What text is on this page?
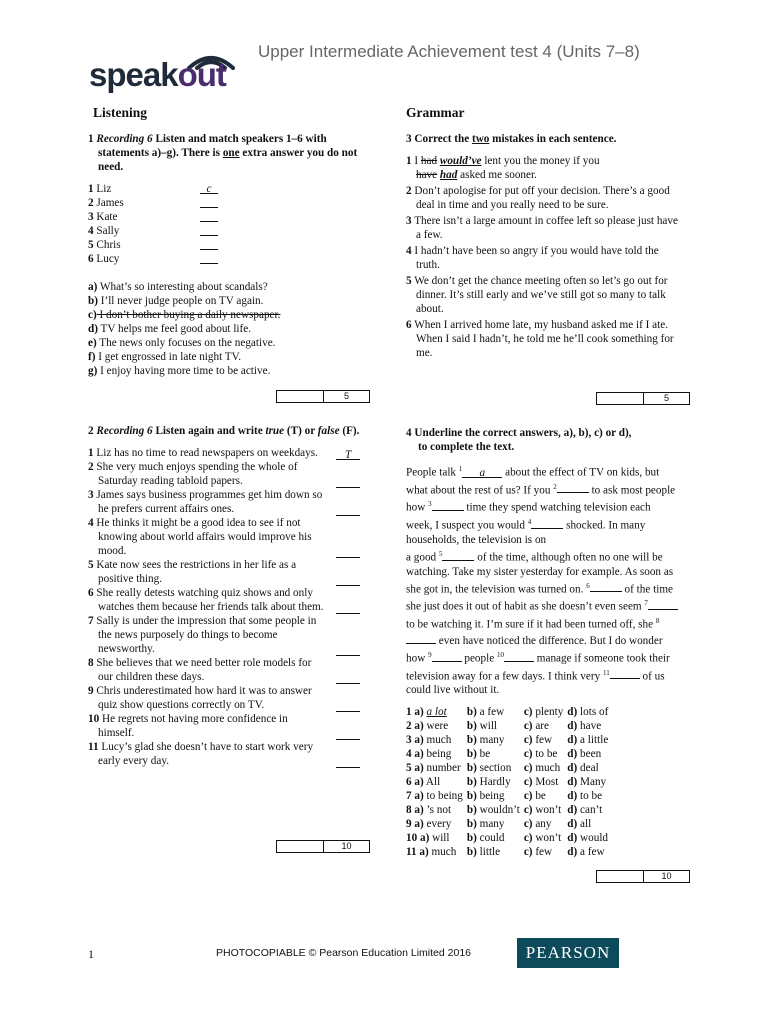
speakout
Upper Intermediate Achievement test 4 (Units 7–8)
Listening
1 Recording 6 Listen and match speakers 1–6 with statements a)–g). There is one extra answer you do not need.
1 Liz	c
2 James
3 Kate
4 Sally
5 Chris
6 Lucy
a) What’s so interesting about scandals?
b) I’ll never judge people on TV again.
c) I don’t bother buying a daily newspaper.
d) TV helps me feel good about life.
e) The news only focuses on the negative.
f) I get engrossed in late night TV.
g) I enjoy having more time to be active.
5
2 Recording 6 Listen again and write true (T) or false (F).
1 Liz has no time to read newspapers on weekdays.	T
2 She very much enjoys spending the whole of Saturday reading tabloid papers.
3 James says business programmes get him down so he prefers current affairs ones.
4 He thinks it might be a good idea to see if not knowing about world affairs would improve his mood.
5 Kate now sees the restrictions in her life as a positive thing.
6 She really detests watching quiz shows and only watches them because her friends talk about them.
7 Sally is under the impression that some people in the news purposely do things to become newsworthy.
8 She believes that we need better role models for our children these days.
9 Chris underestimated how hard it was to answer quiz show questions correctly on TV.
10 He regrets not having more confidence in himself.
11 Lucy’s glad she doesn’t have to start work very early every day.
10
Grammar
3 Correct the two mistakes in each sentence.
1 I had would’ve lent you the money if you
have had asked me sooner.
2 Don’t apologise for put off your decision. There’s a good deal in time and you really need to be sure.
3 There isn’t a large amount in coffee left so please just have a few.
4 I hadn’t have been so angry if you would have told the truth.
5 We don’t get the chance meeting often so let’s go out for dinner. It’s still early and we’ve still got so many to talk about.
6 When I arrived home late, my husband asked me if I ate. When I said I hadn’t, he told me he’ll cook something for me.
5
4 Underline the correct answers, a), b), c) or d),
to complete the text.
People talk $^1$ a about the effect of TV on kids, but what about the rest of us? If you $^2$	to ask most people how $^3$	time they spend watching television each week, I suspect you would $^4$	shocked. In many households, the television is on
a good $^5$	of the time, although often no one will be watching. Take my sister yesterday for example. As soon as she got in, the television was turned on. $^6$	of the time she just does it out of habit as she doesn’t even seem $^7$ to be watching it. I’m sure if it had been turned off, she $^8$ even have noticed the difference. But I do wonder how $^9$	people $^{10}$	manage if someone took their television away for a few days. I think very $^{11}$	of us could live without it.
1 a) a lot	b) a few	c) plenty	d) lots of
2 a) were	b) will	c) are	d) have
3 a) much	b) many	c) few	d) a little
4 a) being	b) be	c) to be	d) been
5 a) number	b) section	c) much	d) deal
6 a) All	b) Hardly	c) Most	d) Many
7 a) to being	b) being	c) be	d) to be
8 a) ’s not	b) wouldn’t	c) won’t	d) can’t
9 a) every	b) many	c) any	d) all
10 a) will	b) could	c) won’t	d) would
11 a) much	b) little	c) few	d) a few
10
1	PHOTOCOPIABLE © Pearson Education Limited 2016	PEARSON
